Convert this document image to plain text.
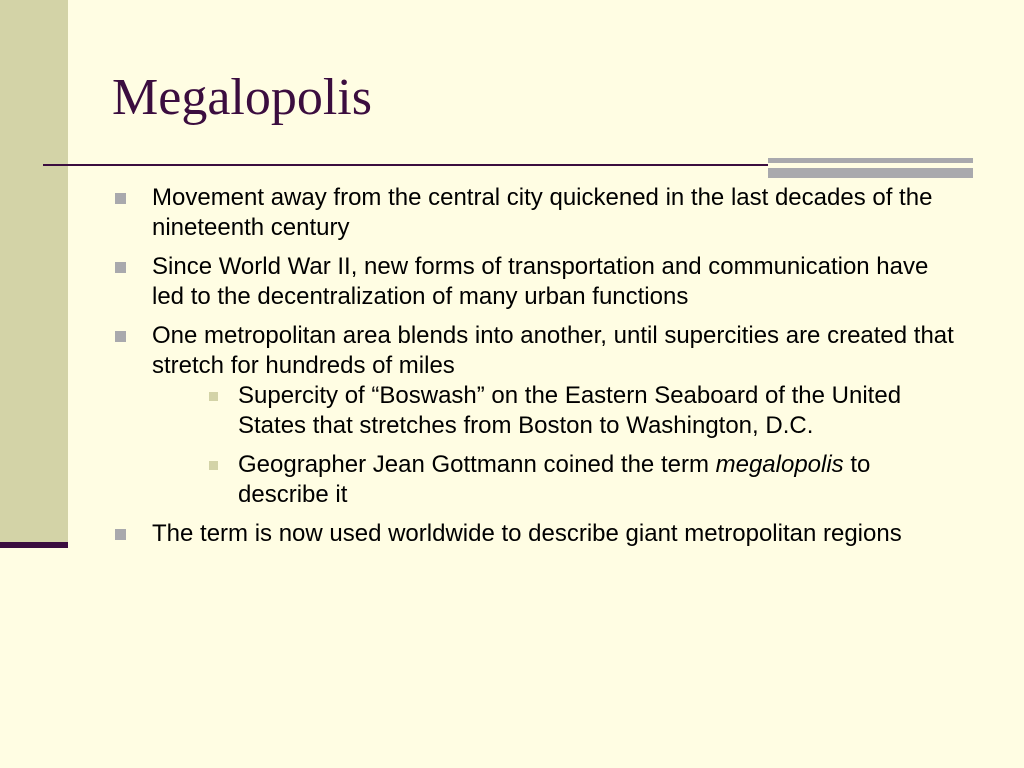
Megalopolis
Movement away from the central city quickened in the last decades of the nineteenth century
Since World War II, new forms of transportation and communication have led to the decentralization of many urban functions
One metropolitan area blends into another, until supercities are created that stretch for hundreds of miles
Supercity of “Boswash” on the Eastern Seaboard of the United States that stretches from Boston to Washington, D.C.
Geographer Jean Gottmann coined the term megalopolis to describe it
The term is now used worldwide to describe giant metropolitan regions
